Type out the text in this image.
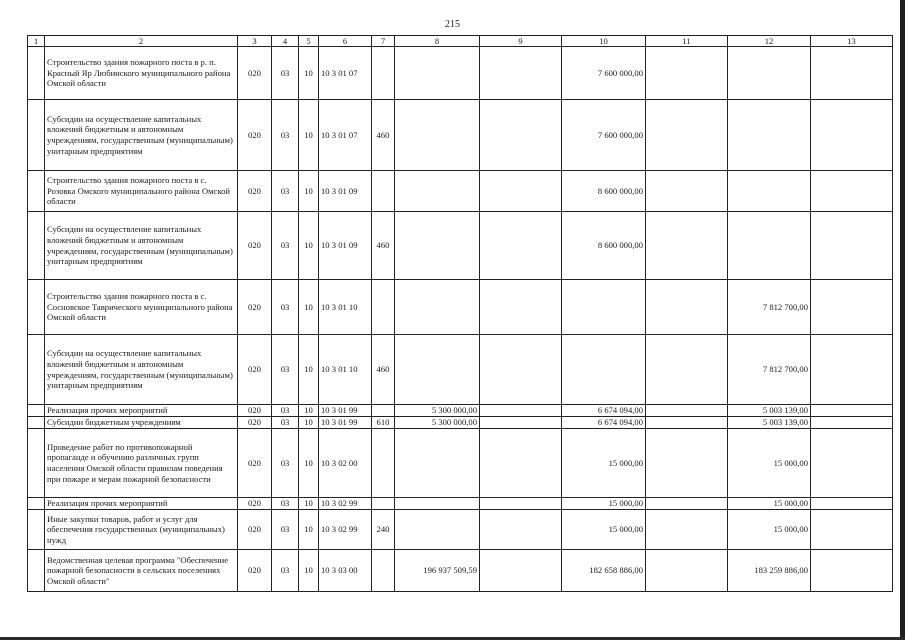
215
1	2	3	4	5	6	7	8	9	10	11	12	13
	Строительство здания пожарного поста в р. п. Красный Яр Любинского муниципального района Омской области	020	03	10	10 3 01 07				7 600 000,00			
	Субсидии на осуществление капитальных вложений бюджетным и автономным учреждениям, государственным (муниципальным) унитарным предприятиям	020	03	10	10 3 01 07	460			7 600 000,00			
	Строительство здания пожарного поста в с. Розовка Омского муниципального района Омской области	020	03	10	10 3 01 09				8 600 000,00			
	Субсидии на осуществление капитальных вложений бюджетным и автономным учреждениям, государственным (муниципальным) унитарным предприятиям	020	03	10	10 3 01 09	460			8 600 000,00			
	Строительство здания пожарного поста в с. Сосновское Таврического муниципального района Омской области	020	03	10	10 3 01 10						7 812 700,00	
	Субсидии на осуществление капитальных вложений бюджетным и автономным учреждениям, государственным (муниципальным) унитарным предприятиям	020	03	10	10 3 01 10	460					7 812 700,00	
	Реализация прочих мероприятий	020	03	10	10 3 01 99		5 300 000,00		6 674 094,00		5 003 139,00	
	Субсидии бюджетным учреждениям	020	03	10	10 3 01 99	610	5 300 000,00		6 674 094,00		5 003 139,00	
	Проведение работ по противопожарной пропаганде и обучению различных групп населения Омской области правилам поведения при пожаре и мерам пожарной безопасности	020	03	10	10 3 02 00				15 000,00		15 000,00	
	Реализация прочих мероприятий	020	03	10	10 3 02 99				15 000,00		15 000,00	
	Иные закупки товаров, работ и услуг для обеспечения государственных (муниципальных) нужд	020	03	10	10 3 02 99	240			15 000,00		15 000,00	
	Ведомственная целевая программа "Обеспечение пожарной безопасности в сельских поселениях Омской области"	020	03	10	10 3 03 00		196 937 509,59		182 658 886,00		183 259 886,00	
